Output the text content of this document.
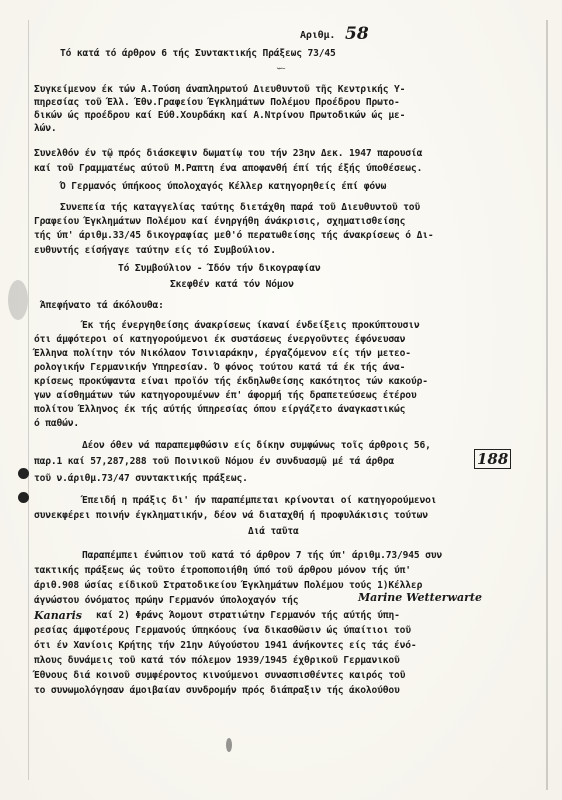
Αριθμ. 58
Τό κατά τό άρθρον 6 τής Συντακτικής Πράξεως 73/45
Συμβούλιον
Συγκείμενον έκ τών Α.Τούση άναπληρωτού Διευθυντοῦ τῆς Κεντρικής Υ-
πηρεσίας τοῦ Έλλ. Έθν.Γραφείου Έγκλημάτων Πολέμου Προέδρου Πρωτο-
δικών ώς προέδρου καί Εύθ.Χουρδάκη καί Α.Ντρίνου Πρωτοδικών ώς με-
λών.
Συνελθόν έν τῷ πρός διάσκεψιν δωματίῳ του τήν 23ην Δεκ. 1947 παρουσία
καί τοῦ Γραμματέως αύτοῦ Μ.Ραπτη ένα αποφανθή έπί τής έξής ύποθέσεως.
Ό Γερμανός ύπήκοος ύπολοχαγός Κέλλερ κατηγορηθείς έπί φόνω
Συνεπεία τής καταγγελίας ταύτης διετάχθη παρά τοῦ Διευθυντοῦ τοῦ
Γραφείου Έγκλημάτων Πολέμου καί ένηργήθη άνάκρισις, σχηματισθείσης
τής ύπ' άριθμ.33/45 δικογραφίας μεθ'ό περατωθείσης τής άνακρίσεως ό Δι-
ευθυντής είσήγαγε ταύτην είς τό Συμβούλιον.
Τό Συμβούλιον - Ίδόν τήν δικογραφίαν
Σκεφθέν κατά τόν Νόμον
Άπεφήνατο τά άκόλουθα:
Έκ τής ένεργηθείσης άνακρίσεως ίκαναί ένδείξεις προκύπτουσιν
ότι άμφότεροι οί κατηγορούμενοι έκ συστάσεως ένεργοῦντες έφόνευσαν
Έλληνα πολίτην τόν Νικόλαον Τσινιαράκην, έργαζόμενον είς τήν μετεο-
ρολογικήν Γερμανικήν Υπηρεσίαν. Ό φόνος τούτου κατά τά έκ τής άνα-
κρίσεως προκύψαντα είναι προϊόν τής έκδηλωθείσης κακότητος τών κακούρ-
γων αίσθημάτων τών κατηγορουμένων έπ' άφορμή τής δραπετεύσεως έτέρου
πολίτου Έλληνος έκ τής αύτής ύπηρεσίας όπου είργάζετο άναγκαστικώς
ό παθών.
Δέον όθεν νά παραπεμφθώσιν είς δίκην συμφώνως τοῖς άρθροις 56,
παρ.1 καί 57,287,288 τοῦ Ποινικοῦ Νόμου έν συνδυασμῷ μέ τά άρθρα	188
τοῦ ν.άριθμ.73/47 συντακτικής πράξεως.
Έπειδή η πράξις δι' ήν παραπέμπεται κρίνονται οί κατηγορούμενοι
συνεκφέρει ποινήν έγκληματικήν, δέον νά διαταχθή ή προφυλάκισις τούτων
Διά ταῦτα
Παραπέμπει ένώπιον τοῦ κατά τό άρθρον 7 τής ύπ' άριθμ.73/945 συν
τακτικής πράξεως ώς τοῦτο έτροποποιήθη ύπό τοῦ άρθρου μόνον τής ύπ'
άριθ.908 ώσίας είδικοῦ Στρατοδικείου Έγκλημάτων Πολέμου τούς 1)Κέλλερ
άγνώστου όνόματος πρώην Γερμανόν ύπολοχαγόν τής	Marine Wetterwarte
Kanaris καί 2) Φράνς Άομουτ στρατιώτην Γερμανόν τής αύτής ύπη-
ρεσίας άμφοτέρους Γερμανούς ύπηκόους ίνα δικασθῶσιν ώς ύπαίτιοι τοῦ
ότι έν Χανίοις Κρήτης τήν 21ην Αύγούστου 1941 άνήκοντες είς τάς ένό-
πλους δυνάμεις τοῦ κατά τόν πόλεμον 1939/1945 έχθρικοῦ Γερμανικοῦ
Έθνους διά κοινοῦ συμφέροντος κινούμενοι συνασπισθέντες καιρός τοῦ
το συνωμολόγησαν άμοιβαίαν συνδρομήν πρός διάπραξιν τής άκολούθου
